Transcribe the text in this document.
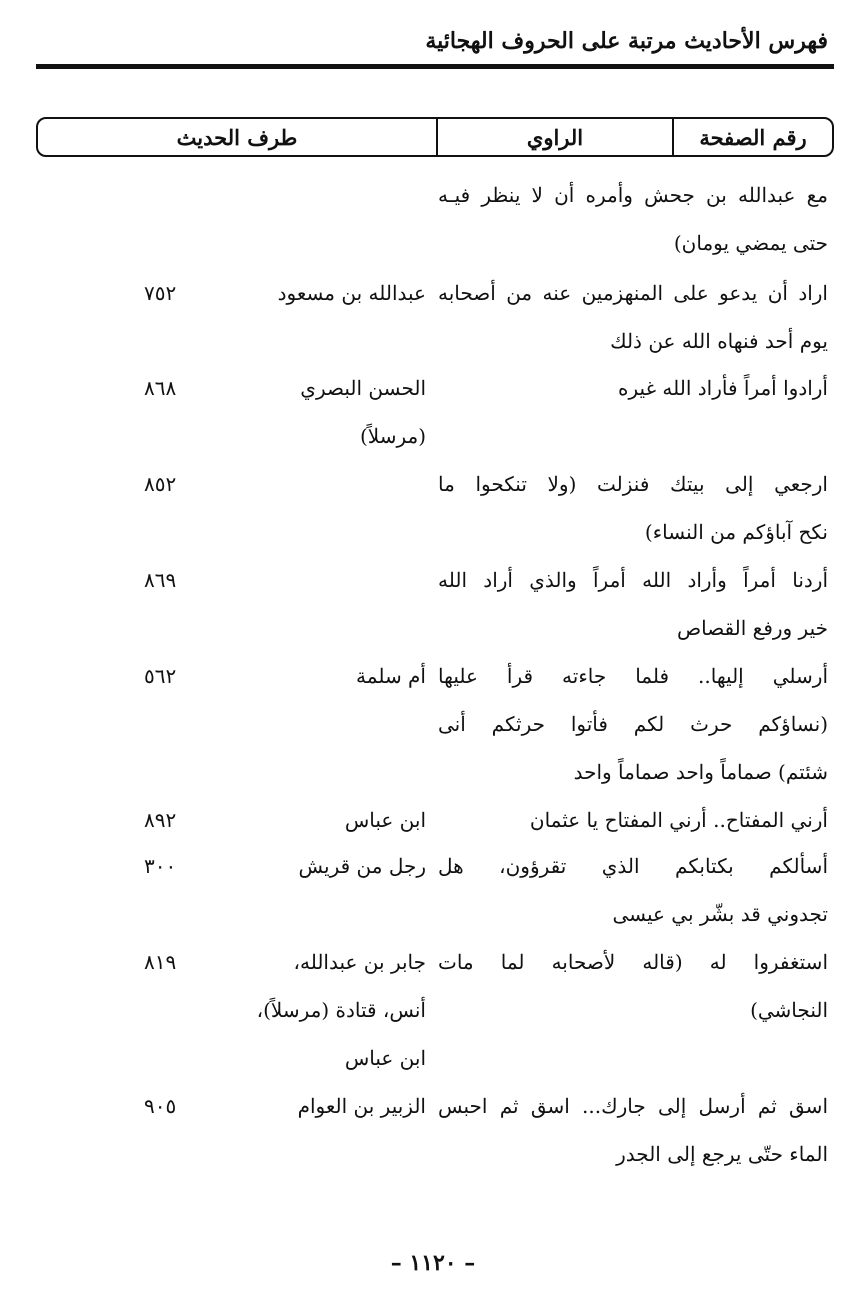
فهرس الأحاديث مرتبة على الحروف الهجائية
طرف الحديث	الراوي	رقم الصفحة
مع عبدالله بن جحش وأمره أن لا ينظر فيـه
حتى يمضي يومان)
اراد أن يدعو على المنهزمين عنه من أصحابه
يوم أحد فنهاه الله عن ذلك
عبدالله بن مسعود
٧٥٢
أرادوا أمراً فأراد الله غيره
الحسن البصري
(مرسلاً)
٨٦٨
ارجعي إلى بيتك فنزلت (ولا تنكحوا ما
نكح آباؤكم من النساء)
٨٥٢
أردنا أمراً وأراد الله أمراً والذي أراد الله
خير ورفع القصاص
٨٦٩
أرسلي إليها.. فلما جاءته قرأ عليها
(نساؤكم حرث لكم فأتوا حرثكم أنى
شئتم) صماماً واحد صماماً واحد
أم سلمة
٥٦٢
أرني المفتاح.. أرني المفتاح يا عثمان
ابن عباس
٨٩٢
أسألكم بكتابكم الذي تقرؤون، هل
تجدوني قد بشّر بي عيسى
رجل من قريش
٣٠٠
استغفروا له (قاله لأصحابه لما مات
النجاشي)
جابر بن عبدالله،
أنس، قتادة (مرسلاً)،
ابن عباس
٨١٩
اسق ثم أرسل إلى جارك... اسق ثم احبس
الماء حتّى يرجع إلى الجدر
الزبير بن العوام
٩٠٥
– ١١٢٠ –
